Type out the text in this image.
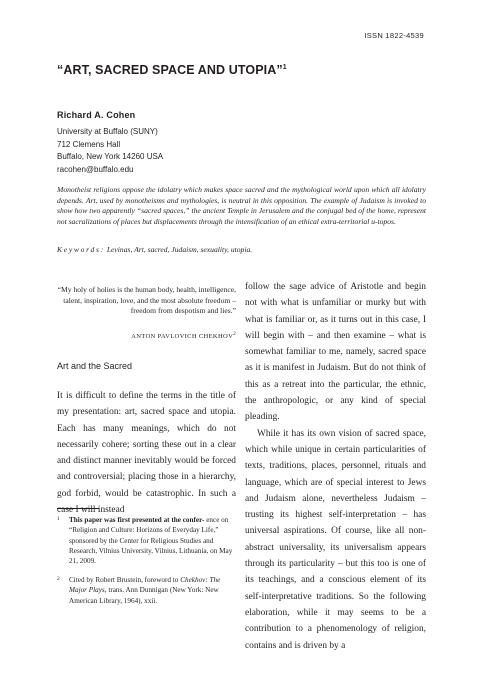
ISSN 1822-4539
“ART, SACRED SPACE AND UTOPIA”$^1$
Richard A. Cohen
University at Buffalo (SUNY)
712 Clemens Hall
Buffalo, New York 14260 USA
racohen@buffalo.edu
Monotheist religions oppose the idolatry which makes space sacred and the mythological world upon which all idolatry depends. Art, used by monotheisms and mythologies, is neutral in this opposition. The example of Judaism is invoked to show how two apparently “sacred spaces,” the ancient Temple in Jerusalem and the conjugal bed of the home, represent not sacralizations of places but displacements through the intensification of an ethical extra-territorial u-topos.
Keywords: Levinas, Art, sacred, Judaism, sexuality, utopia.
“My holy of holies is the human body, health, intelligence, talent, inspiration, love, and the most absolute freedom – freedom from despotism and lies.”
ANTON PAVLOVICH CHEKHOV$^2$
Art and the Sacred

It is difficult to define the terms in the title of my presentation: art, sacred space and utopia. Each has many meanings, which do not necessarily cohere; sorting these out in a clear and distinct manner inevitably would be forced and controversial; placing those in a hierarchy, god forbid, would be catastrophic. In such a case I will instead

follow the sage advice of Aristotle and begin not with what is unfamiliar or murky but with what is familiar or, as it turns out in this case, I will begin with – and then examine – what is somewhat familiar to me, namely, sacred space as it is manifest in Judaism. But do not think of this as a retreat into the particular, the ethnic, the anthropologic, or any kind of special pleading.

While it has its own vision of sacred space, which while unique in certain particularities of texts, traditions, places, personnel, rituals and language, which are of special interest to Jews and Judaism alone, nevertheless Judaism – trusting its highest self-interpretation – has universal aspirations. Of course, like all non-abstract universality, its universalism appears through its particularity – but this too is one of its teachings, and a conscious element of its self-interpretative traditions. So the following elaboration, while it may seems to be a contribution to a phenomenology of religion, contains and is driven by a

1 This paper was first presented at the confer- ence on “Religion and Culture: Horizons of Everyday Life,” sponsored by the Center for Religious Studies and Research, Vilnius University, Vilnius, Lithuania, on May 21, 2009.
2 Cited by Robert Brustein, foreword to Chekhov: The Major Plays, trans. Ann Dunnigan (New York: New American Library, 1964), xxii.
